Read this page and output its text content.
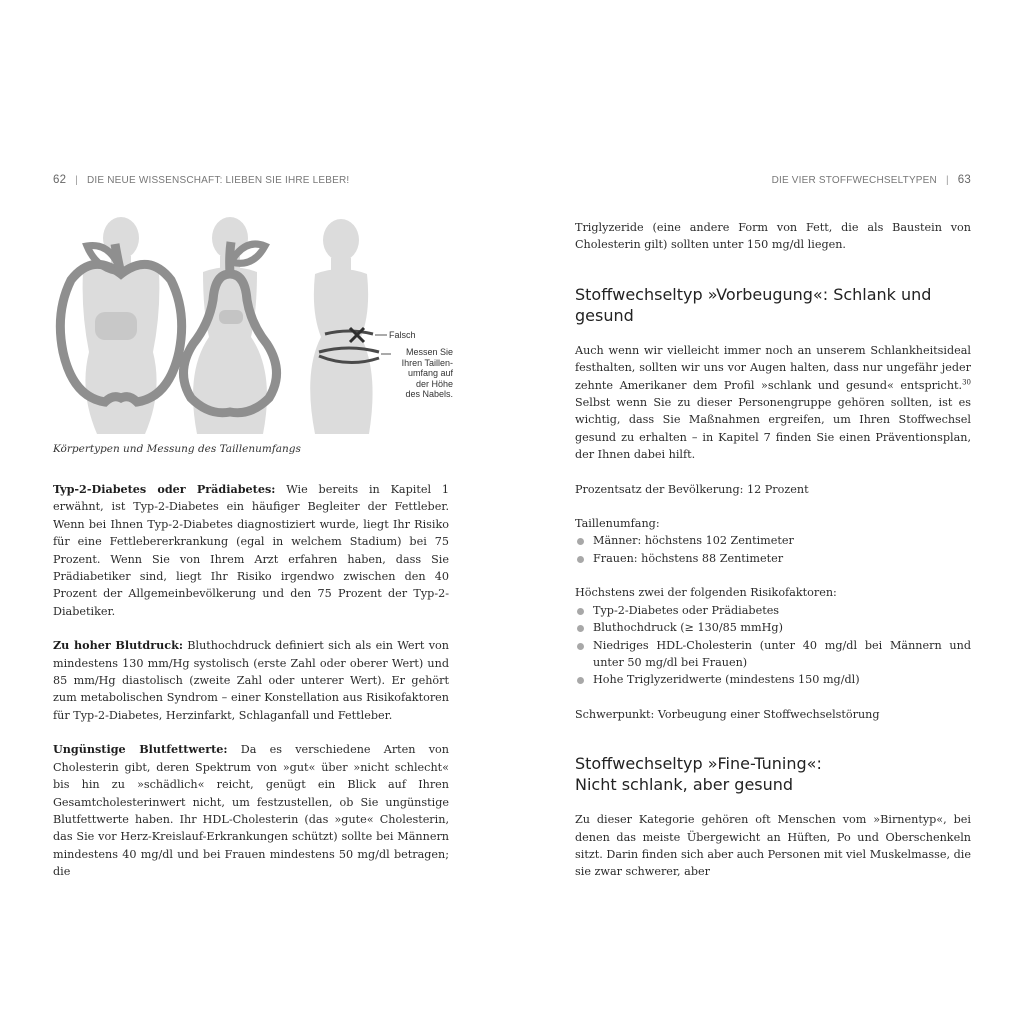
62 | DIE NEUE WISSENSCHAFT: LIEBEN SIE IHRE LEBER!
Falsch
Messen Sie
Ihren Taillen-
umfang auf
der Höhe
des Nabels.
Körpertypen und Messung des Taillenumfangs

Typ-2-Diabetes oder Prädiabetes: Wie bereits in Kapitel 1 erwähnt, ist Typ-2-Diabetes ein häufiger Begleiter der Fettleber. Wenn bei Ihnen Typ-2-Diabetes diagnostiziert wurde, liegt Ihr Risiko für eine Fettlebererkrankung (egal in welchem Stadium) bei 75 Prozent. Wenn Sie von Ihrem Arzt erfahren haben, dass Sie Prädiabetiker sind, liegt Ihr Risiko irgendwo zwischen den 40 Prozent der Allgemeinbevölkerung und den 75 Prozent der Typ-2-Diabetiker.

Zu hoher Blutdruck: Bluthochdruck definiert sich als ein Wert von mindestens 130 mm/Hg systolisch (erste Zahl oder oberer Wert) und 85 mm/Hg diastolisch (zweite Zahl oder unterer Wert). Er gehört zum metabolischen Syndrom – einer Konstellation aus Risikofaktoren für Typ-2-Diabetes, Herzinfarkt, Schlaganfall und Fettleber.

Ungünstige Blutfettwerte: Da es verschiedene Arten von Cholesterin gibt, deren Spektrum von »gut« über »nicht schlecht« bis hin zu »schädlich« reicht, genügt ein Blick auf Ihren Gesamtcholesterinwert nicht, um festzustellen, ob Sie ungünstige Blutfettwerte haben. Ihr HDL-Cholesterin (das »gute« Cholesterin, das Sie vor Herz-Kreislauf-Erkrankungen schützt) sollte bei Männern mindestens 40 mg/dl und bei Frauen mindestens 50 mg/dl betragen; die

DIE VIER STOFFWECHSELTYPEN | 63

Triglyzeride (eine andere Form von Fett, die als Baustein von Cholesterin gilt) sollten unter 150 mg/dl liegen.

Stoffwechseltyp »Vorbeugung«: Schlank und gesund

Auch wenn wir vielleicht immer noch an unserem Schlankheitsideal festhalten, sollten wir uns vor Augen halten, dass nur ungefähr jeder zehnte Amerikaner dem Profil »schlank und gesund« entspricht.$^{30}$ Selbst wenn Sie zu dieser Personengruppe gehören sollten, ist es wichtig, dass Sie Maßnahmen ergreifen, um Ihren Stoffwechsel gesund zu erhalten – in Kapitel 7 finden Sie einen Präventionsplan, der Ihnen dabei hilft.

Prozentsatz der Bevölkerung: 12 Prozent

Taillenumfang:

Männer: höchstens 102 Zentimeter
Frauen: höchstens 88 Zentimeter

Höchstens zwei der folgenden Risikofaktoren:

Typ-2-Diabetes oder Prädiabetes
Bluthochdruck (≥ 130/85 mmHg)
Niedriges HDL-Cholesterin (unter 40 mg/dl bei Männern und unter 50 mg/dl bei Frauen)
Hohe Triglyzeridwerte (mindestens 150 mg/dl)

Schwerpunkt: Vorbeugung einer Stoffwechselstörung

Stoffwechseltyp »Fine-Tuning«:
Nicht schlank, aber gesund

Zu dieser Kategorie gehören oft Menschen vom »Birnentyp«, bei denen das meiste Übergewicht an Hüften, Po und Oberschenkeln sitzt. Darin finden sich aber auch Personen mit viel Muskelmasse, die sie zwar schwerer, aber
